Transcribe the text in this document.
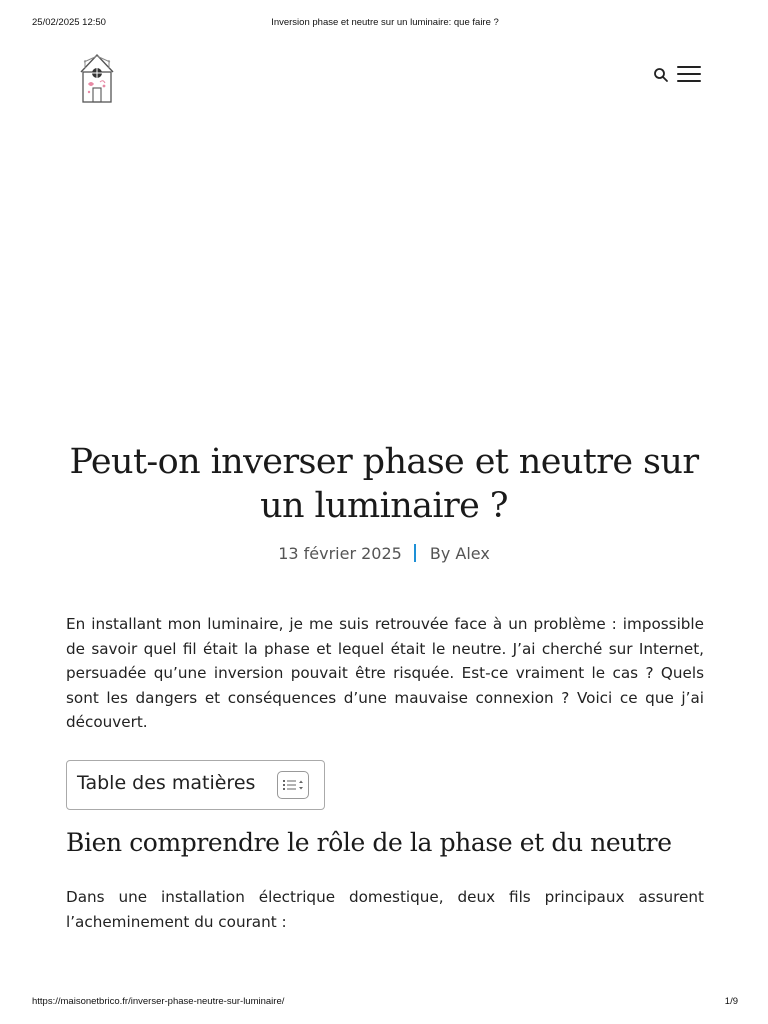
25/02/2025 12:50	Inversion phase et neutre sur un luminaire: que faire ?
Peut-on inverser phase et neutre sur un luminaire ?
13 février 2025 By Alex

En installant mon luminaire, je me suis retrouvée face à un problème : impossible de savoir quel fil était la phase et lequel était le neutre. J’ai cherché sur Internet, persuadée qu’une inversion pouvait être risquée. Est-ce vraiment le cas ? Quels sont les dangers et conséquences d’une mauvaise connexion ? Voici ce que j’ai découvert.

Table des matières
Bien comprendre le rôle de la phase et du neutre

Dans une installation électrique domestique, deux fils principaux assurent l’acheminement du courant :

https://maisonetbrico.fr/inverser-phase-neutre-sur-luminaire/	1/9
